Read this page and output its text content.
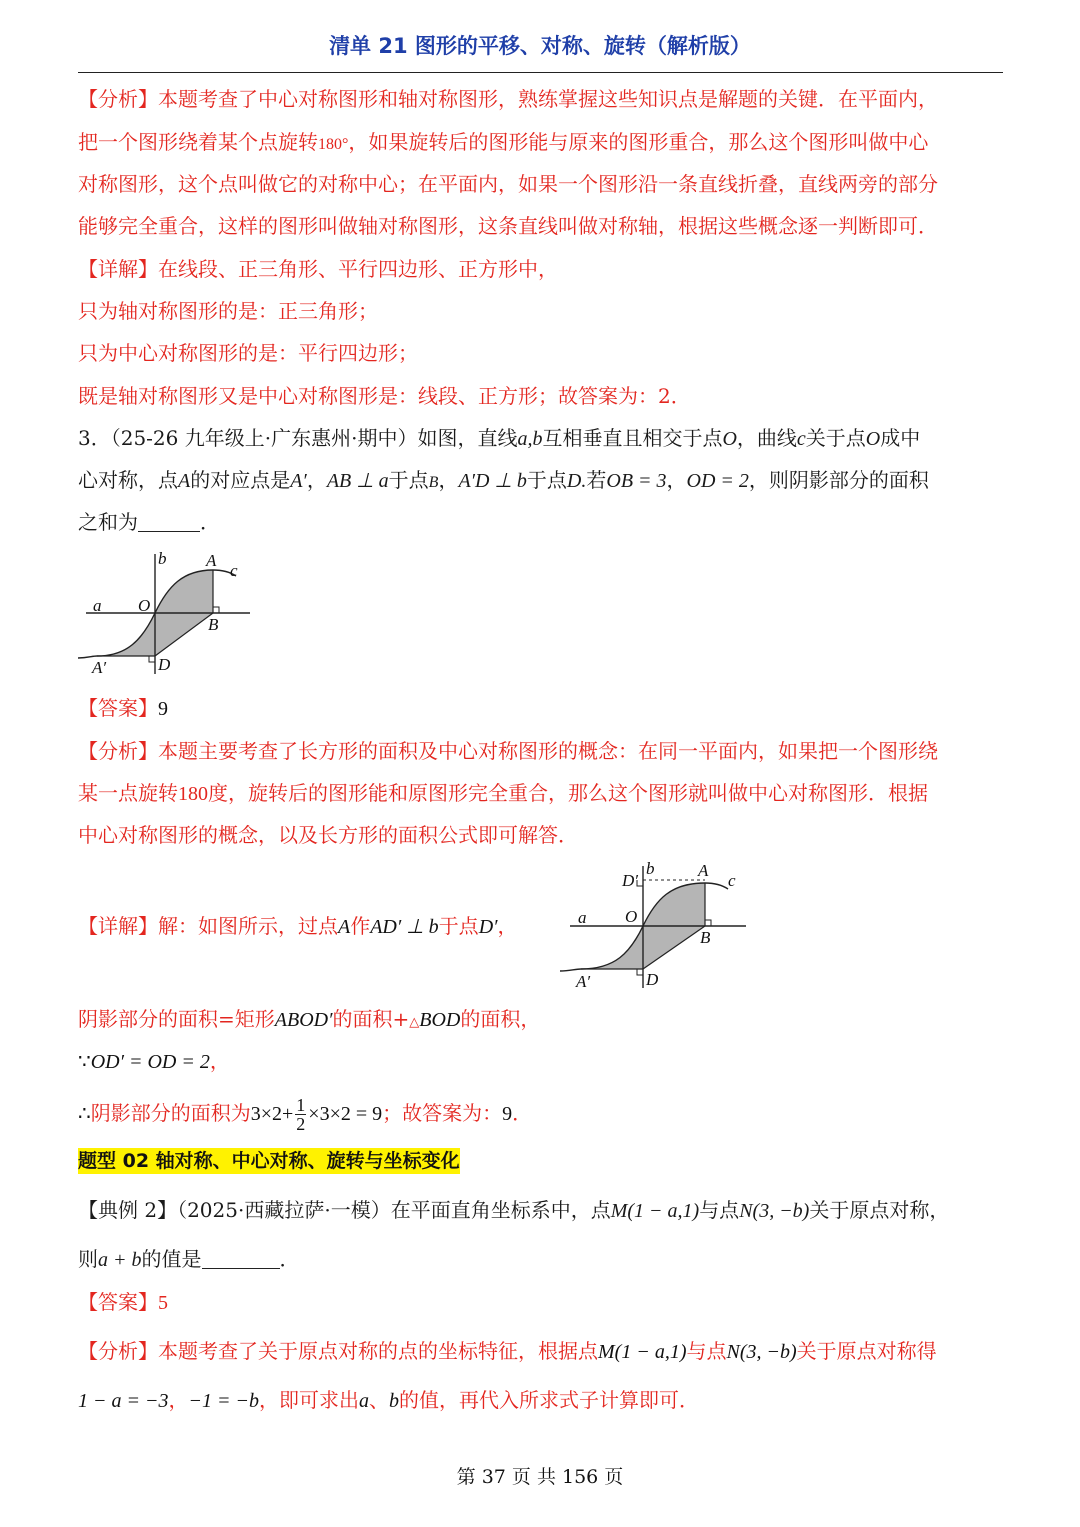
清单 21 图形的平移、对称、旋转（解析版）
【分析】本题考查了中心对称图形和轴对称图形，熟练掌握这些知识点是解题的关键．在平面内，
把一个图形绕着某个点旋转180°，如果旋转后的图形能与原来的图形重合，那么这个图形叫做中心
对称图形，这个点叫做它的对称中心；在平面内，如果一个图形沿一条直线折叠，直线两旁的部分
能够完全重合，这样的图形叫做轴对称图形，这条直线叫做对称轴，根据这些概念逐一判断即可．
【详解】在线段、正三角形、平行四边形、正方形中，
只为轴对称图形的是：正三角形；
只为中心对称图形的是：平行四边形；
既是轴对称图形又是中心对称图形是：线段、正方形；故答案为：2．
3．（25-26 九年级上·广东惠州·期中）如图，直线a,b互相垂直且相交于点O，曲线c关于点O成中
心对称，点A的对应点是A′，AB ⊥ a于点B，A′D ⊥ b于点D.若OB = 3，OD = 2，则阴影部分的面积
之和为	．
b A
c
a O
B
A′	D
【答案】9
【分析】本题主要考查了长方形的面积及中心对称图形的概念：在同一平面内，如果把一个图形绕
某一点旋转180度，旋转后的图形能和原图形完全重合，那么这个图形就叫做中心对称图形．根据
中心对称图形的概念，以及长方形的面积公式即可解答．
【详解】解：如图所示，过点A作AD′ ⊥ b于点D′，
D′
b	A
c
a O
B
A′	D
阴影部分的面积=矩形ABOD′的面积+△BOD的面积，
∵OD′ = OD = 2，
∴阴影部分的面积为$3\times 2+ \frac{1}{2} \times 3\times 2 = 9$；故答案为：9．
题型 02 轴对称、中心对称、旋转与坐标变化
【典例 2】（2025·西藏拉萨·一模）在平面直角坐标系中，点M(1 − a,1)与点N(3, −b)关于原点对称，
则a + b的值是	．
【答案】5
【分析】本题考查了关于原点对称的点的坐标特征，根据点M(1 − a,1)与点N(3, −b)关于原点对称得
1 − a = −3，−1 = −b，即可求出a、b的值，再代入所求式子计算即可．
第 37 页 共 156 页
